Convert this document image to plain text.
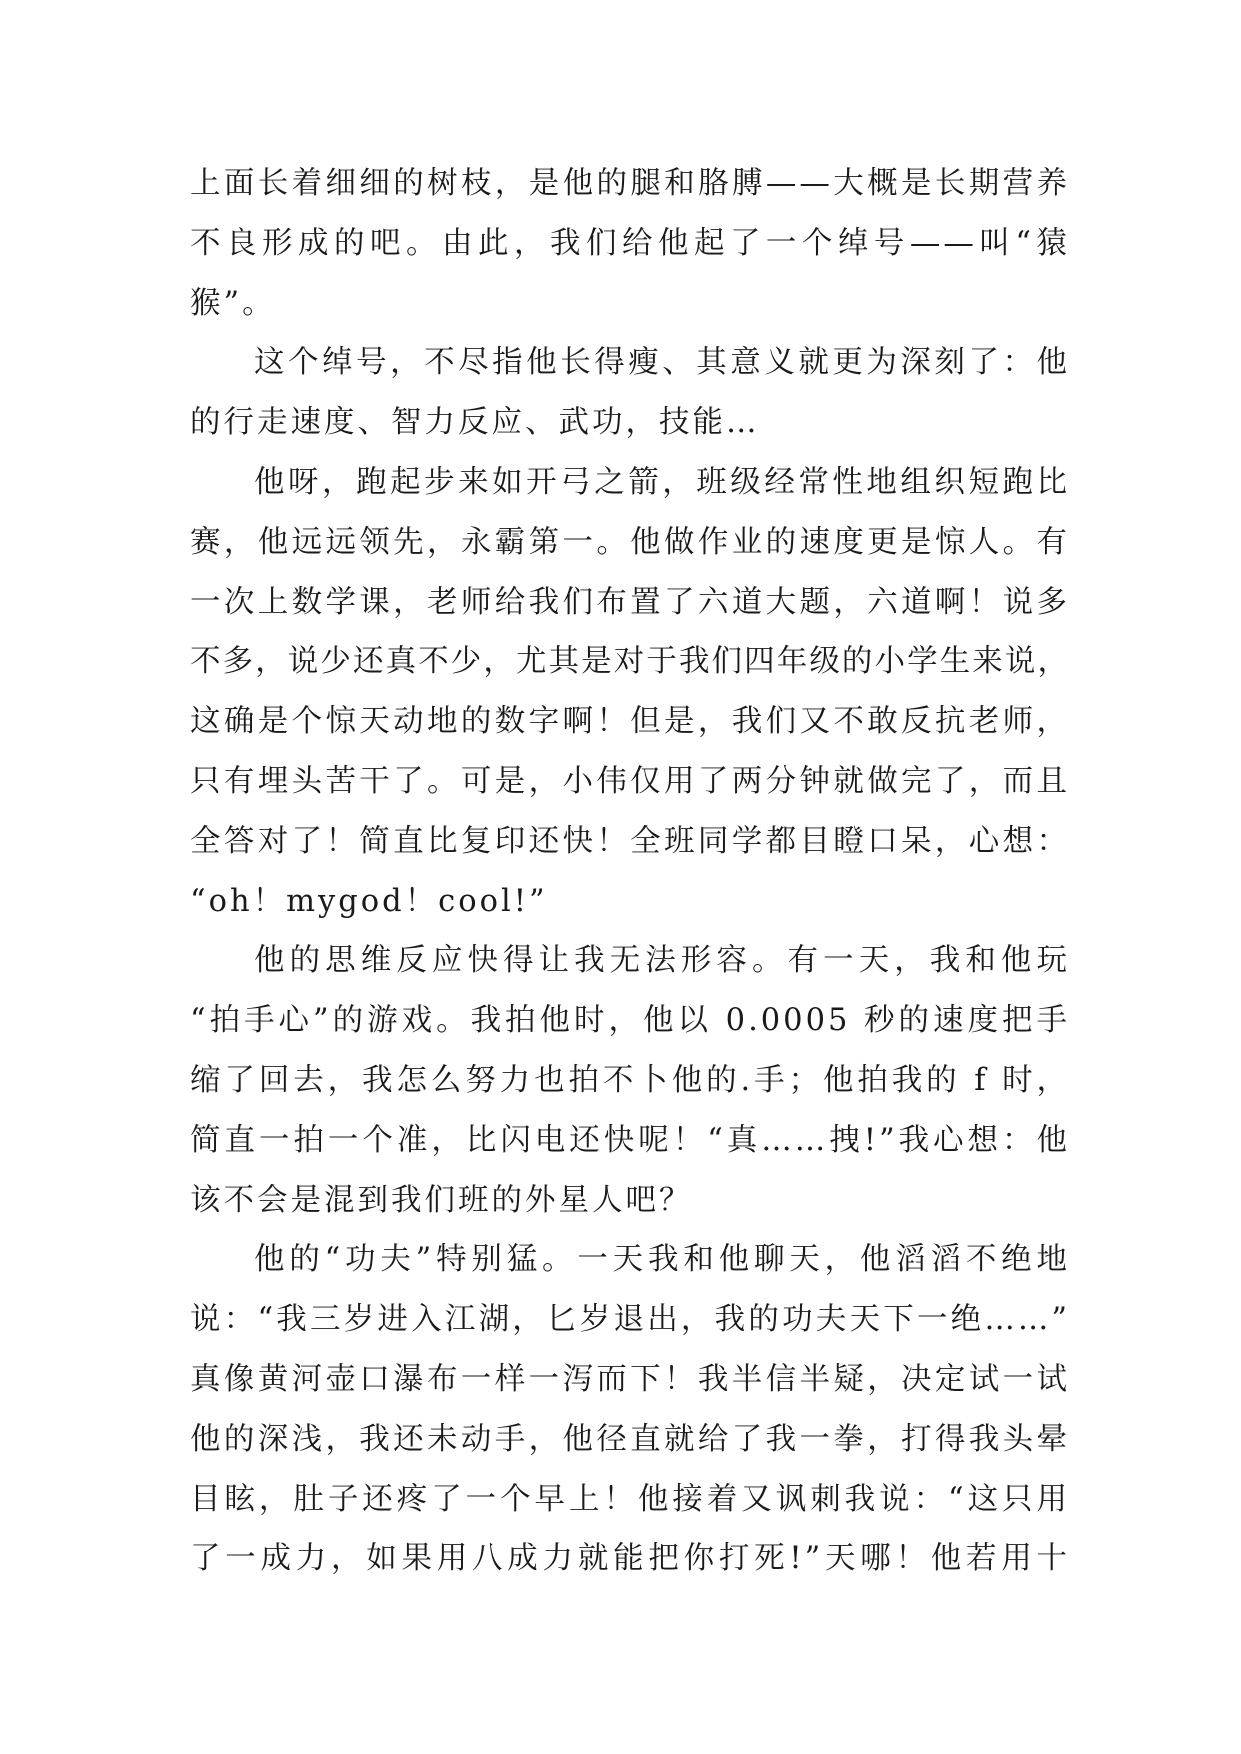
上面长着细细的树枝，是他的腿和胳膊——大概是长期营养
不良形成的吧。由此，我们给他起了一个绰号——叫“猿
猴”。
这个绰号，不尽指他长得瘦、其意义就更为深刻了：他
的行走速度、智力反应、武功，技能…
他呀，跑起步来如开弓之箭，班级经常性地组织短跑比
赛，他远远领先，永霸第一。他做作业的速度更是惊人。有
一次上数学课，老师给我们布置了六道大题，六道啊！说多
不多，说少还真不少，尤其是对于我们四年级的小学生来说，
这确是个惊天动地的数字啊！但是，我们又不敢反抗老师，
只有埋头苦干了。可是，小伟仅用了两分钟就做完了，而且
全答对了！简直比复印还快！全班同学都目瞪口呆，心想：
“oh！mygod！cool!”
他的思维反应快得让我无法形容。有一天，我和他玩
“拍手心”的游戏。我拍他时，他以 0.0005 秒的速度把手
缩了回去，我怎么努力也拍不卜他的.手；他拍我的 f 时，
简直一拍一个准，比闪电还快呢！“真……拽!”我心想：他
该不会是混到我们班的外星人吧？
他的“功夫”特别猛。一天我和他聊天，他滔滔不绝地
说：“我三岁进入江湖，匕岁退出，我的功夫天下一绝……”
真像黄河壶口瀑布一样一泻而下！我半信半疑，决定试一试
他的深浅，我还未动手，他径直就给了我一拳，打得我头晕
目眩，肚子还疼了一个早上！他接着又讽刺我说：“这只用
了一成力，如果用八成力就能把你打死!”天哪！他若用十
